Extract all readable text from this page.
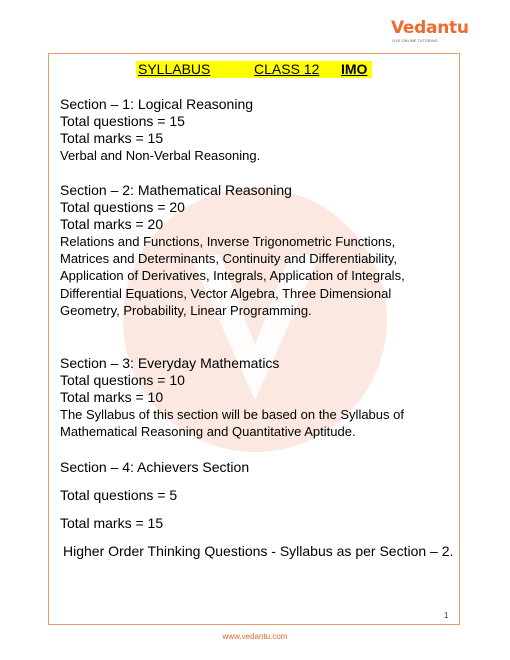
Vedantu
LIVE ONLINE TUTORING
SYLLABUS	CLASS 12 IMO
Section – 1: Logical Reasoning
Total questions = 15
Total marks = 15
Verbal and Non-Verbal Reasoning.
Section – 2: Mathematical Reasoning
Total questions = 20
Total marks = 20
Relations and Functions, Inverse Trigonometric Functions,
Matrices and Determinants, Continuity and Differentiability,
Application of Derivatives, Integrals, Application of Integrals,
Differential Equations, Vector Algebra, Three Dimensional
Geometry, Probability, Linear Programming.
Section – 3: Everyday Mathematics
Total questions = 10
Total marks = 10
The Syllabus of this section will be based on the Syllabus of
Mathematical Reasoning and Quantitative Aptitude.
Section – 4: Achievers Section
Total questions = 5
Total marks = 15
Higher Order Thinking Questions - Syllabus as per Section – 2.
1
www.vedantu.com
